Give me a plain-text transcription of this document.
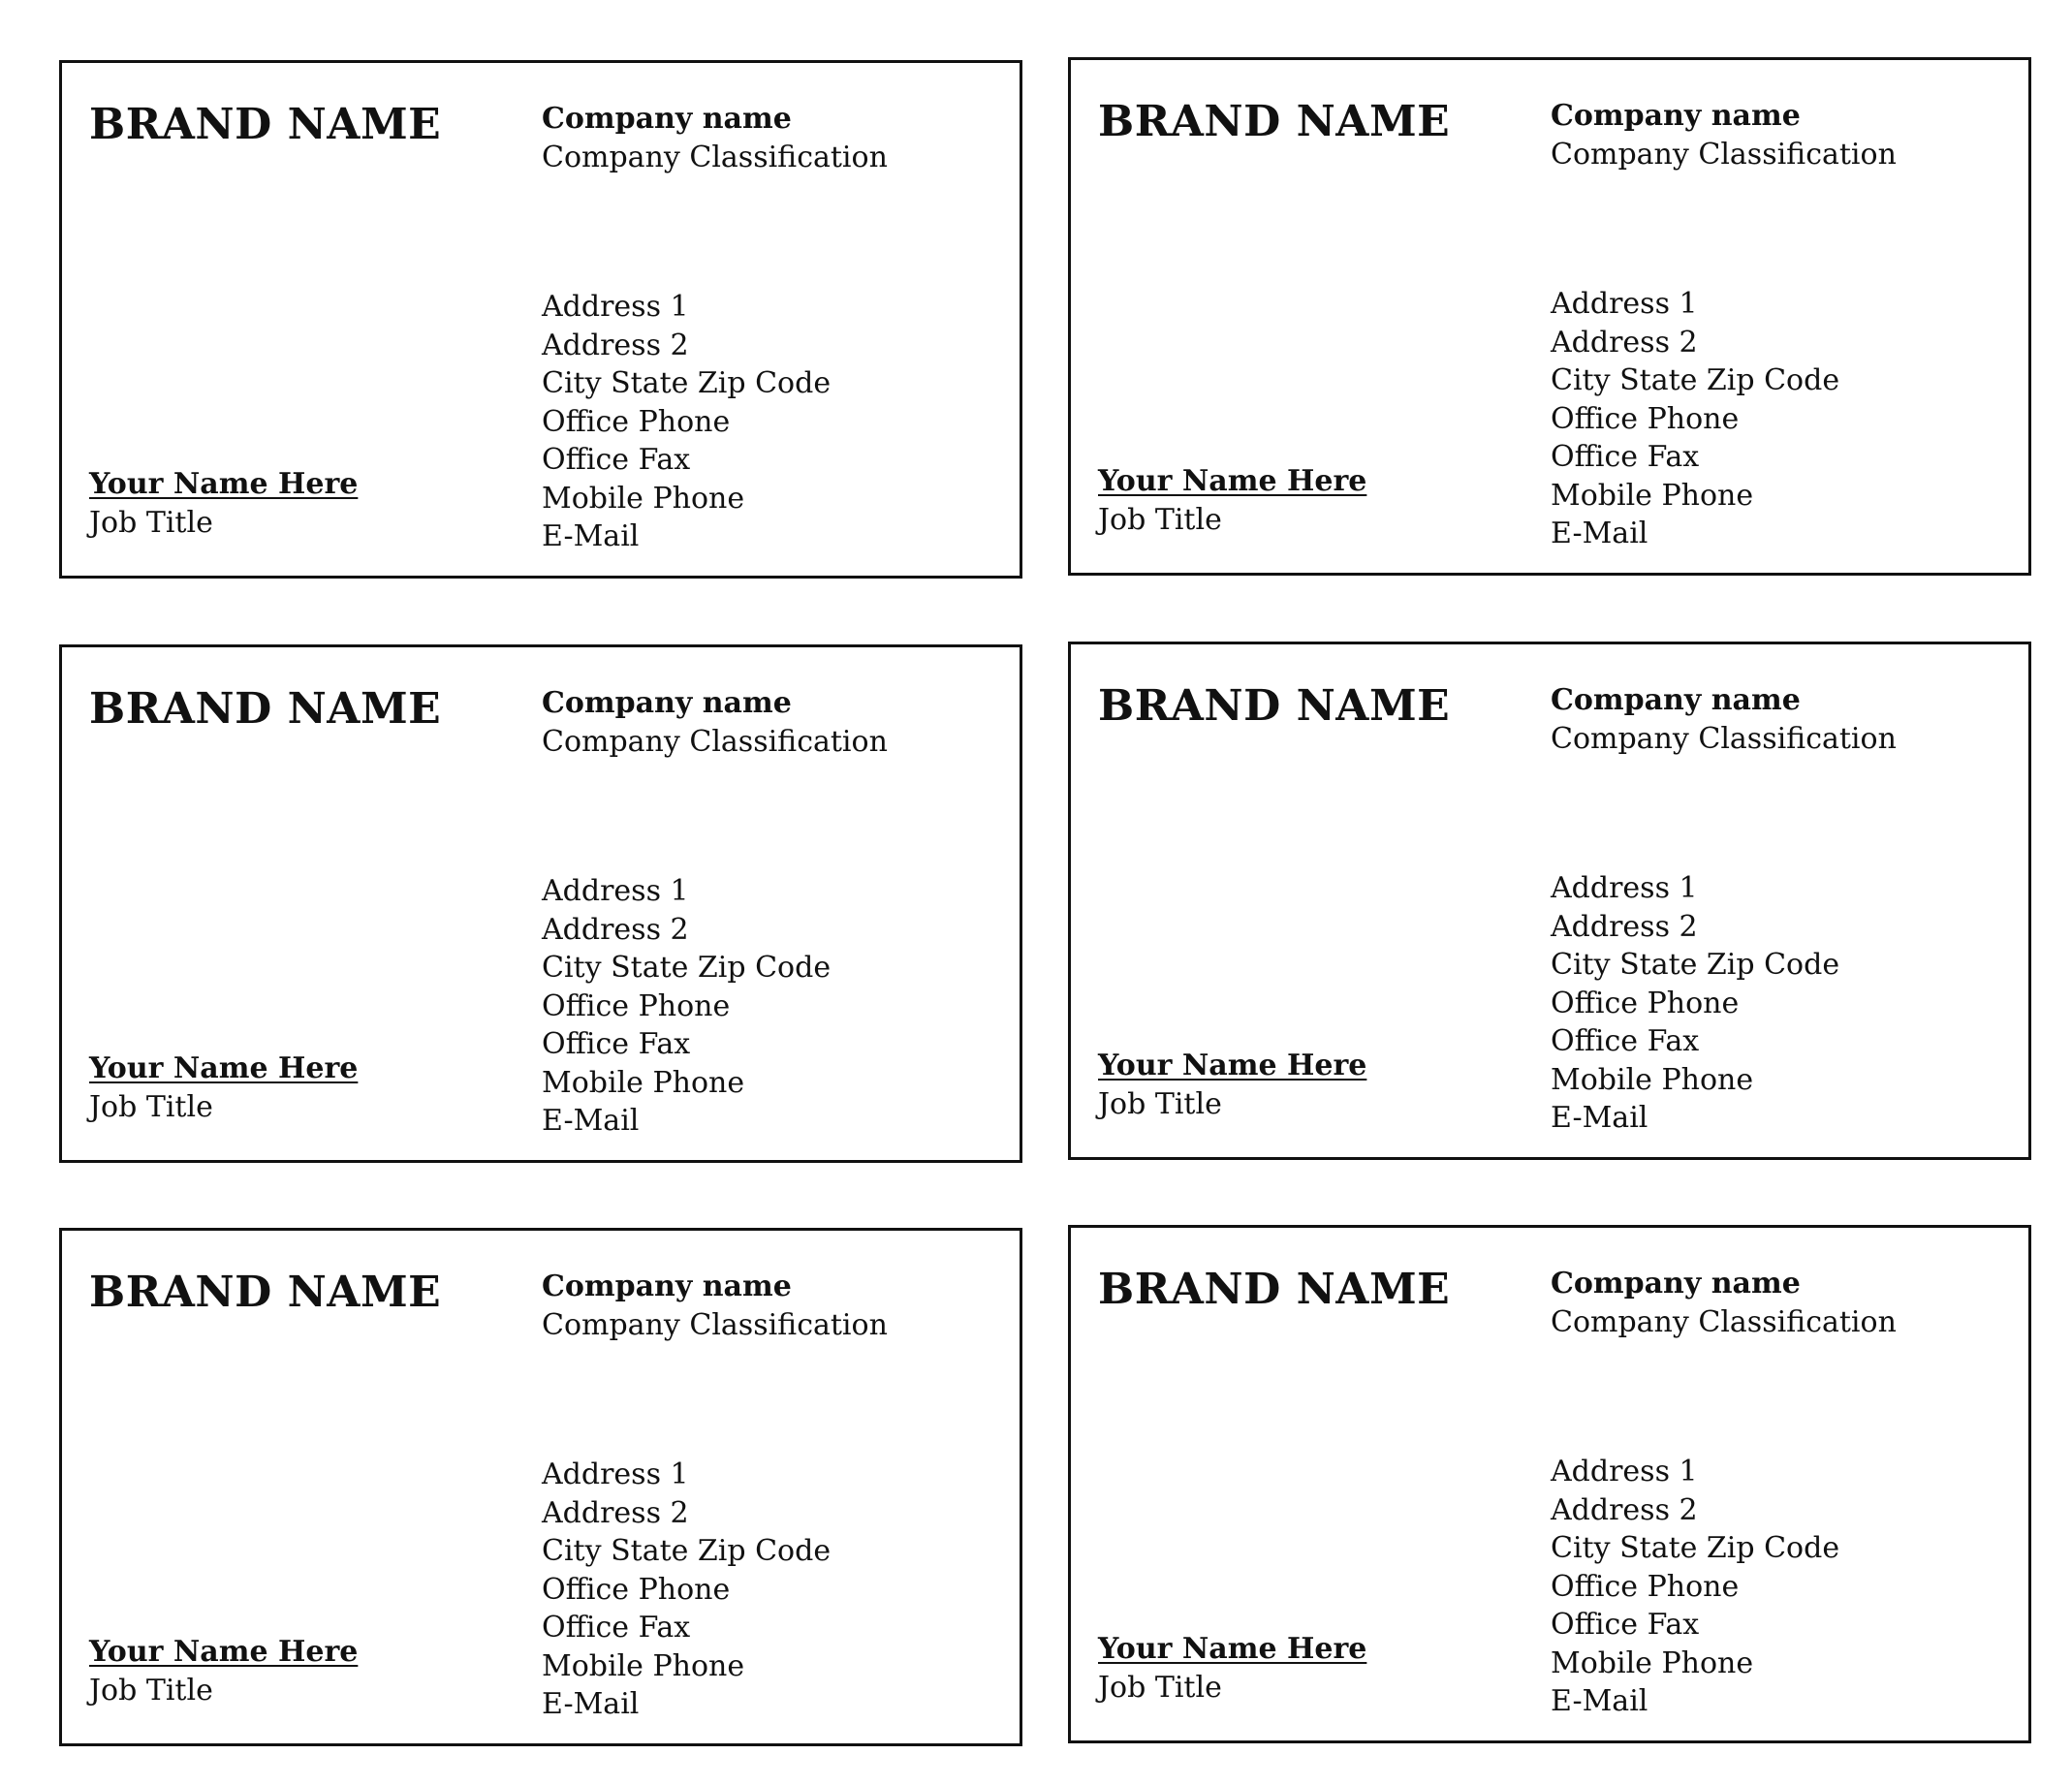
BRAND NAME	Company name
Company Classification
Address 1
Address 2
City State Zip Code
Office Phone
Office Fax
Mobile Phone
E-Mail
Your Name Here
Job Title
BRAND NAME	Company name
Company Classification
Address 1
Address 2
City State Zip Code
Office Phone
Office Fax
Mobile Phone
E-Mail
Your Name Here
Job Title
BRAND NAME	Company name
Company Classification
Address 1
Address 2
City State Zip Code
Office Phone
Office Fax
Mobile Phone
E-Mail
Your Name Here
Job Title
BRAND NAME	Company name
Company Classification
Address 1
Address 2
City State Zip Code
Office Phone
Office Fax
Mobile Phone
E-Mail
Your Name Here
Job Title
BRAND NAME	Company name
Company Classification
Address 1
Address 2
City State Zip Code
Office Phone
Office Fax
Mobile Phone
E-Mail
Your Name Here
Job Title
BRAND NAME	Company name
Company Classification
Address 1
Address 2
City State Zip Code
Office Phone
Office Fax
Mobile Phone
E-Mail
Your Name Here
Job Title
